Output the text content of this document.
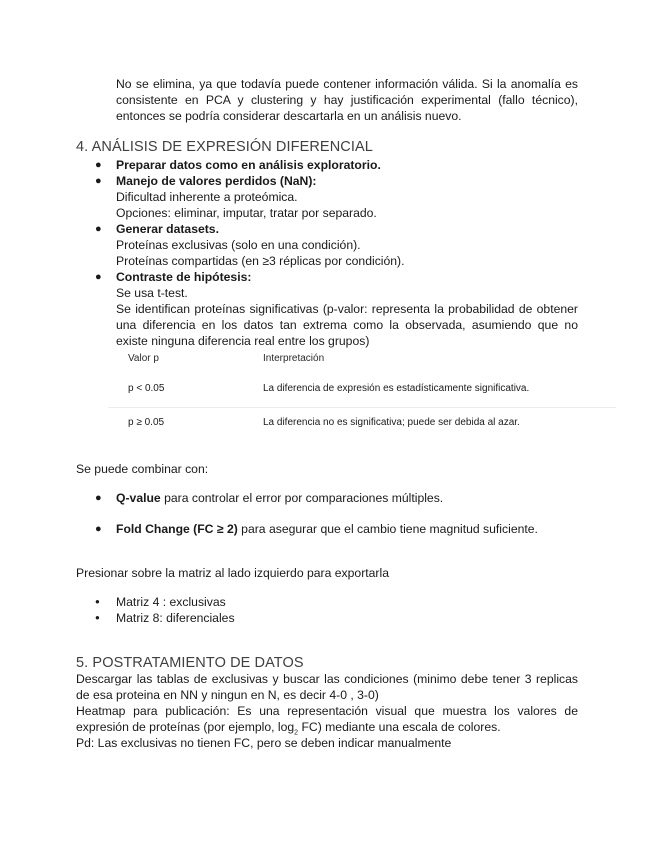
No se elimina, ya que todavía puede contener información válida. Si la anomalía es consistente en PCA y clustering y hay justificación experimental (fallo técnico), entonces se podría considerar descartarla en un análisis nuevo.
4. ANÁLISIS DE EXPRESIÓN DIFERENCIAL
● Preparar datos como en análisis exploratorio.
● Manejo de valores perdidos (NaN):
Dificultad inherente a proteómica.
Opciones: eliminar, imputar, tratar por separado.
● Generar datasets.
Proteínas exclusivas (solo en una condición).
Proteínas compartidas (en ≥3 réplicas por condición).
● Contraste de hipótesis:
Se usa t-test.
Se identifican proteínas significativas (p-valor: representa la probabilidad de obtener una diferencia en los datos tan extrema como la observada, asumiendo que no existe ninguna diferencia real entre los grupos)
Valor p	Interpretación
p < 0.05	La diferencia de expresión es estadísticamente significativa.
p ≥ 0.05	La diferencia no es significativa; puede ser debida al azar.
Se puede combinar con:
● Q-value para controlar el error por comparaciones múltiples.
● Fold Change (FC ≥ 2) para asegurar que el cambio tiene magnitud suficiente.
Presionar sobre la matriz al lado izquierdo para exportarla
● Matriz 4 : exclusivas
● Matriz 8: diferenciales
5. POSTRATAMIENTO DE DATOS
Descargar las tablas de exclusivas y buscar las condiciones (minimo debe tener 3 replicas de esa proteina en NN y ningun en N, es decir 4-0 , 3-0)
Heatmap para publicación: Es una representación visual que muestra los valores de expresión de proteínas (por ejemplo, $\log_2 FC$) mediante una escala de colores.
Pd: Las exclusivas no tienen FC, pero se deben indicar manualmente
